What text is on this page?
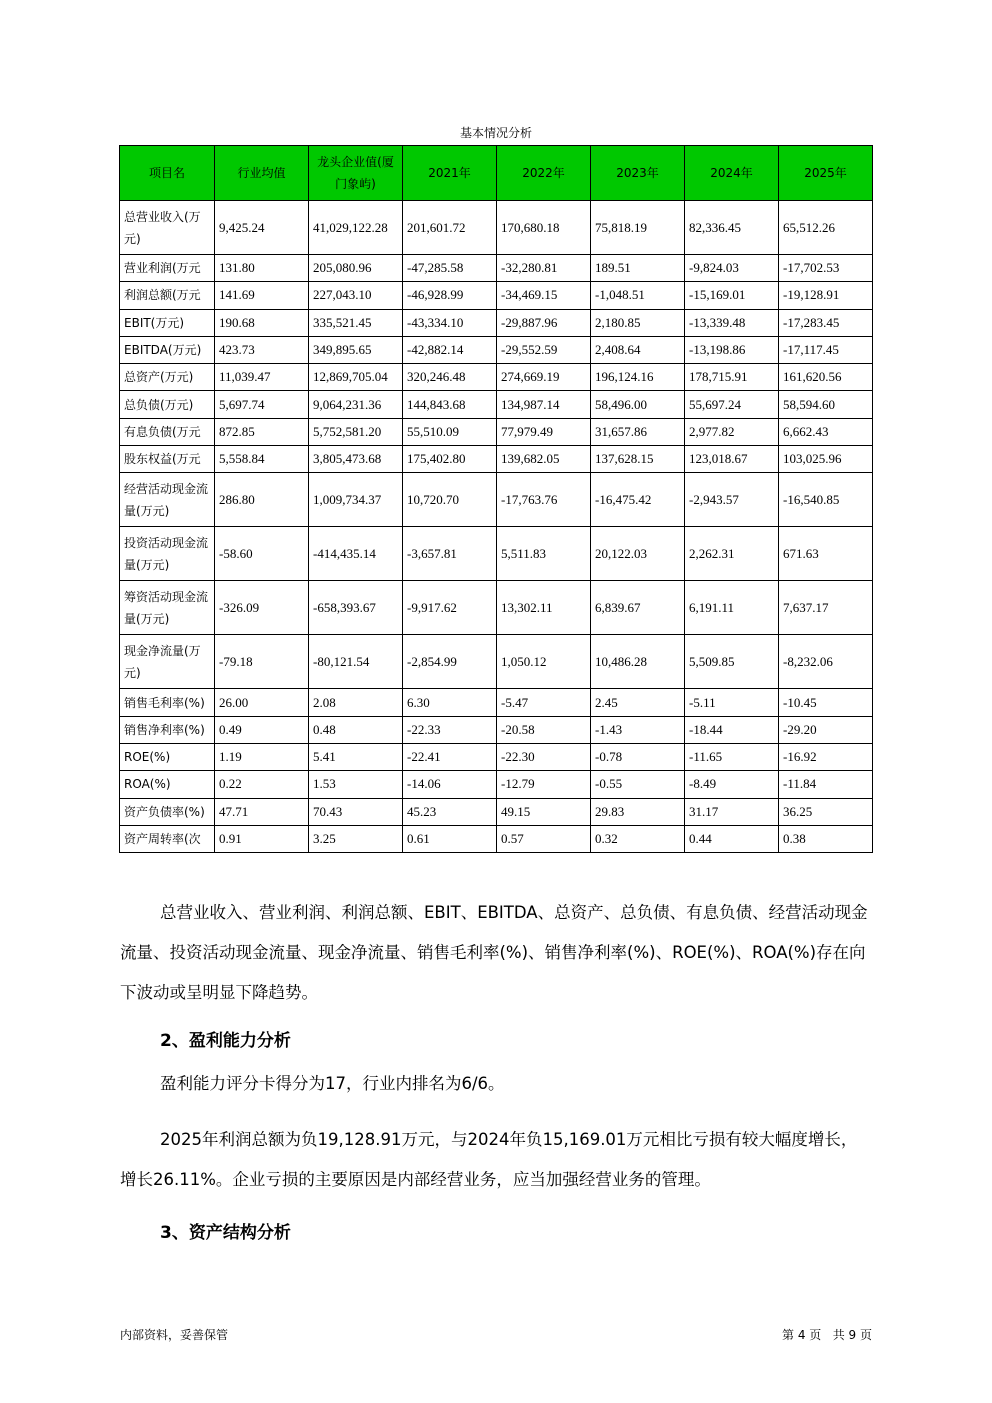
基本情况分析
项目名	行业均值	龙头企业值(厦门象屿)	2021年	2022年	2023年	2024年	2025年
总营业收入(万元)	9,425.24	41,029,122.28	201,601.72	170,680.18	75,818.19	82,336.45	65,512.26
营业利润(万元	131.80	205,080.96	-47,285.58	-32,280.81	189.51	-9,824.03	-17,702.53
利润总额(万元	141.69	227,043.10	-46,928.99	-34,469.15	-1,048.51	-15,169.01	-19,128.91
EBIT(万元)	190.68	335,521.45	-43,334.10	-29,887.96	2,180.85	-13,339.48	-17,283.45
EBITDA(万元)	423.73	349,895.65	-42,882.14	-29,552.59	2,408.64	-13,198.86	-17,117.45
总资产(万元)	11,039.47	12,869,705.04	320,246.48	274,669.19	196,124.16	178,715.91	161,620.56
总负债(万元)	5,697.74	9,064,231.36	144,843.68	134,987.14	58,496.00	55,697.24	58,594.60
有息负债(万元	872.85	5,752,581.20	55,510.09	77,979.49	31,657.86	2,977.82	6,662.43
股东权益(万元	5,558.84	3,805,473.68	175,402.80	139,682.05	137,628.15	123,018.67	103,025.96
经营活动现金流量(万元)	286.80	1,009,734.37	10,720.70	-17,763.76	-16,475.42	-2,943.57	-16,540.85
投资活动现金流量(万元)	-58.60	-414,435.14	-3,657.81	5,511.83	20,122.03	2,262.31	671.63
筹资活动现金流量(万元)	-326.09	-658,393.67	-9,917.62	13,302.11	6,839.67	6,191.11	7,637.17
现金净流量(万元)	-79.18	-80,121.54	-2,854.99	1,050.12	10,486.28	5,509.85	-8,232.06
销售毛利率(%)	26.00	2.08	6.30	-5.47	2.45	-5.11	-10.45
销售净利率(%)	0.49	0.48	-22.33	-20.58	-1.43	-18.44	-29.20
ROE(%)	1.19	5.41	-22.41	-22.30	-0.78	-11.65	-16.92
ROA(%)	0.22	1.53	-14.06	-12.79	-0.55	-8.49	-11.84
资产负债率(%)	47.71	70.43	45.23	49.15	29.83	31.17	36.25
资产周转率(次	0.91	3.25	0.61	0.57	0.32	0.44	0.38
总营业收入、营业利润、利润总额、EBIT、EBITDA、总资产、总负债、有息负债、经营活动现金流量、投资活动现金流量、现金净流量、销售毛利率(%)、销售净利率(%)、ROE(%)、ROA(%)存在向下波动或呈明显下降趋势。
2、盈利能力分析
盈利能力评分卡得分为17，行业内排名为6/6。
2025年利润总额为负19,128.91万元，与2024年负15,169.01万元相比亏损有较大幅度增长，增长26.11%。企业亏损的主要原因是内部经营业务，应当加强经营业务的管理。
3、资产结构分析
内部资料，妥善保管	第 4 页   共 9 页
